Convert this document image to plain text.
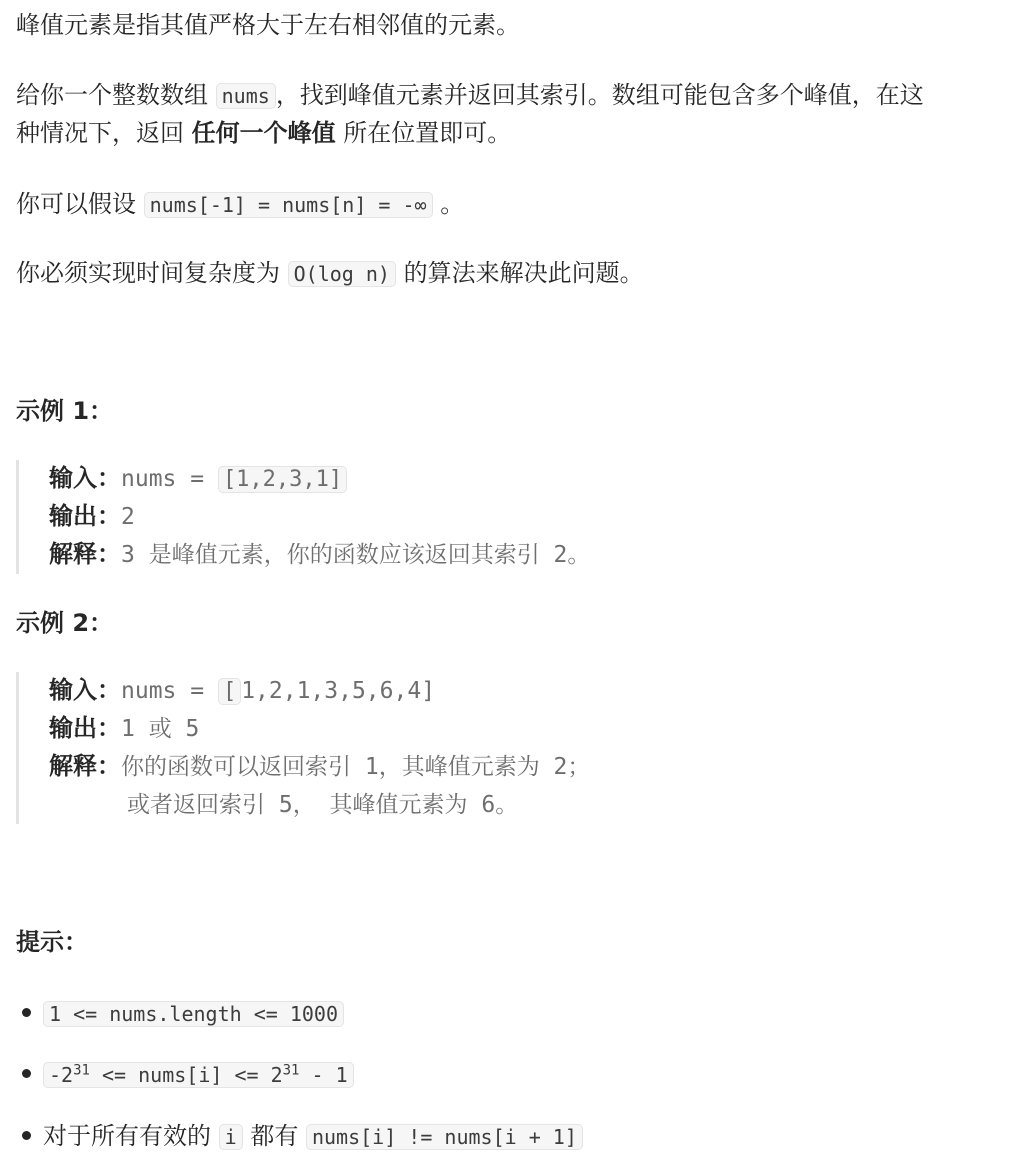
峰值元素是指其值严格大于左右相邻值的元素。

给你一个整数数组 nums ，找到峰值元素并返回其索引。数组可能包含多个峰值，在这

种情况下，返回 任何一个峰值 所在位置即可。

你可以假设 nums[-1] = nums[n] = -∞ 。

你必须实现时间复杂度为 O(log n) 的算法来解决此问题。

示例 1：

输入：nums = [1,2,3,1]
输出：2
解释：3 是峰值元素，你的函数应该返回其索引 2。

示例 2：

输入：nums = [ 1,2,1,3,5,6,4]
输出：1 或 5
解释：你的函数可以返回索引 1，其峰值元素为 2；
或者返回索引 5， 其峰值元素为 6。

提示：

1 <= nums.length <= 1000
$-2^{31}$ <= nums[i] <= $2^{31} - 1$
对于所有有效的 i 都有 nums[i] != nums[i + 1]
